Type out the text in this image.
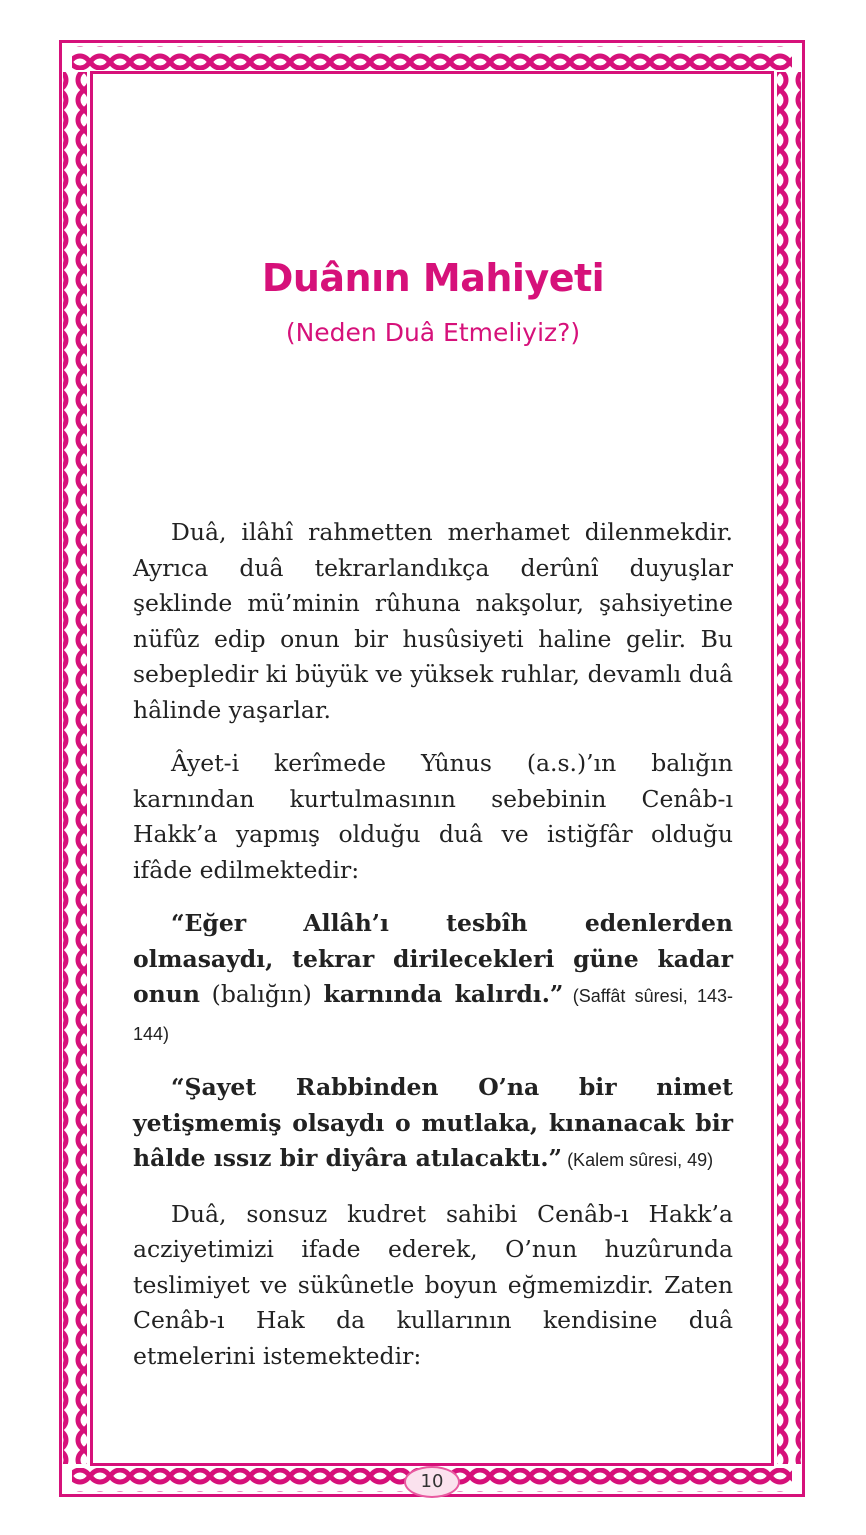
Duânın Mahiyeti
(Neden Duâ Etmeliyiz?)

Duâ, ilâhî rahmetten merhamet dilenmekdir. Ayrıca duâ tekrarlandıkça derûnî duyuşlar şeklinde mü’minin rûhuna nakşolur, şahsiyetine nüfûz edip onun bir husûsiyeti haline gelir. Bu sebepledir ki büyük ve yüksek ruhlar, devamlı duâ hâlinde yaşarlar.

Âyet-i kerîmede Yûnus (a.s.)’ın balığın karnından kurtulmasının sebebinin Cenâb-ı Hakk’a yapmış olduğu duâ ve istiğfâr olduğu ifâde edilmektedir:

“Eğer Allâh’ı tesbîh edenlerden olmasaydı, tekrar dirilecekleri güne kadar onun (balığın) karnında kalırdı.” (Saffât sûresi, 143-144)

“Şayet Rabbinden O’na bir nimet yetişmemiş olsaydı o mutlaka, kınanacak bir hâlde ıssız bir diyâra atılacaktı.” (Kalem sûresi, 49)

Duâ, sonsuz kudret sahibi Cenâb-ı Hakk’a acziyetimizi ifade ederek, O’nun huzûrunda teslimiyet ve sükûnetle boyun eğmemizdir. Zaten Cenâb-ı Hak da kullarının kendisine duâ etmelerini istemektedir:

10
